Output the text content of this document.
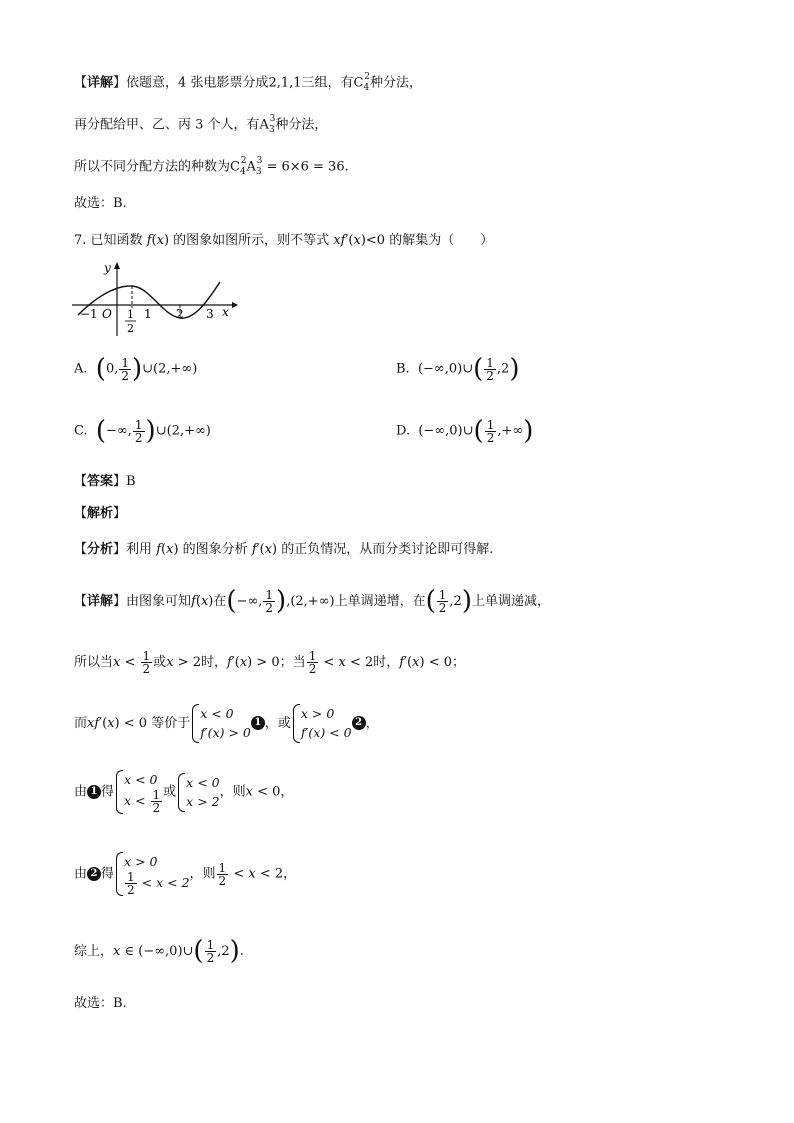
【详解】依题意，4 张电影票分成2,1,1三组，有$C_4^2$种分法，
再分配给甲、乙、丙 3 个人，有$A_3^3$种分法，
所以不同分配方法的种数为$C_4^2A_3^3 = 6\times 6 = 36$.
故选：B.
7. 已知函数 f(x) 的图象如图所示，则不等式 xf′(x)<0 的解集为（　　）
y
x
O
−1	1
2
1 2 3
A. (0, $\frac{1}{2}$ )∪(2,+∞)	B.  (−∞,0)∪( $\frac{1}{2} ,2$)
C. (−∞, $\frac{1}{2}$ )∪(2,+∞)	D.  (−∞,0)∪( $\frac{1}{2}$ ,+∞)
【答案】B
【解析】
【分析】利用 f(x) 的图象分析 f′(x) 的正负情况，从而分类讨论即可得解.
【详解】由图象可知f(x)在(−∞, $\frac{1}{2} ),(2,+\infty)$上单调递增，在( $\frac{1}{2} ,2$)上单调递减，
所以当$x < \frac{1}{2}$ 或x > 2时，f′(x) > 0；当 $\frac{1}{2} < x < 2$时，f′(x) < 0；
而xf′(x) < 0 等价于
x < 0
f′(x) > 0
1 ，或
x > 0
f′(x) < 0
2 ，
由 1 得
x < 0
$x < \frac{1}{2}$ 或
x < 0
x > 2
，则x < 0，
由 2 得
x > 0
$\frac{1}{2} < x < 2$
，则 $\frac{1}{2} < x < 2$，
综上，x ∈ (−∞,0)∪( $\frac{1}{2} ,2$).
故选：B.
